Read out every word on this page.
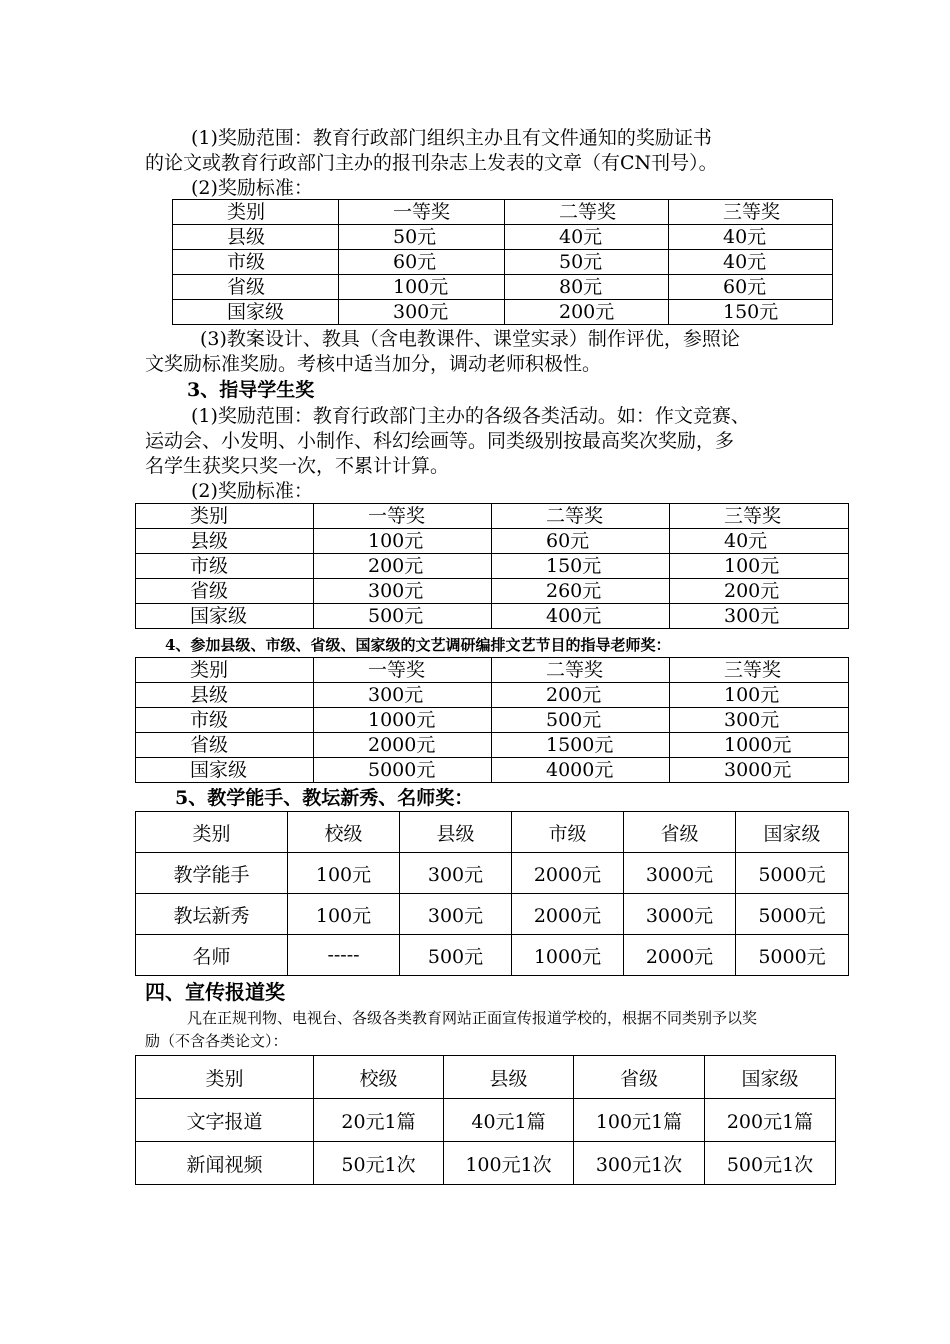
(1)奖励范围：教育行政部门组织主办且有文件通知的奖励证书

的论文或教育行政部门主办的报刊杂志上发表的文章（有CN刊号）。

(2)奖励标准：

类别	一等奖	二等奖	三等奖
县级	50元	40元	40元
市级	60元	50元	40元
省级	100元	80元	60元
国家级	300元	200元	150元

(3)教案设计、教具（含电教课件、课堂实录）制作评优，参照论

文奖励标准奖励。考核中适当加分，调动老师积极性。

3、指导学生奖

(1)奖励范围：教育行政部门主办的各级各类活动。如：作文竞赛、

运动会、小发明、小制作、科幻绘画等。同类级别按最高奖次奖励，多

名学生获奖只奖一次，不累计计算。

(2)奖励标准：

类别	一等奖	二等奖	三等奖
县级	100元	60元	40元
市级	200元	150元	100元
省级	300元	260元	200元
国家级	500元	400元	300元

4、参加县级、市级、省级、国家级的文艺调研编排文艺节目的指导老师奖：

类别	一等奖	二等奖	三等奖
县级	300元	200元	100元
市级	1000元	500元	300元
省级	2000元	1500元	1000元
国家级	5000元	4000元	3000元

5、教学能手、教坛新秀、名师奖：

类别	校级	县级	市级	省级	国家级
教学能手	100元	300元	2000元	3000元	5000元
教坛新秀	100元	300元	2000元	3000元	5000元
名师	-----	500元	1000元	2000元	5000元

四、宣传报道奖

凡在正规刊物、电视台、各级各类教育网站正面宣传报道学校的，根据不同类别予以奖

励（不含各类论文）：

类别	校级	县级	省级	国家级
文字报道	20元1篇	40元1篇	100元1篇	200元1篇
新闻视频	50元1次	100元1次	300元1次	500元1次
